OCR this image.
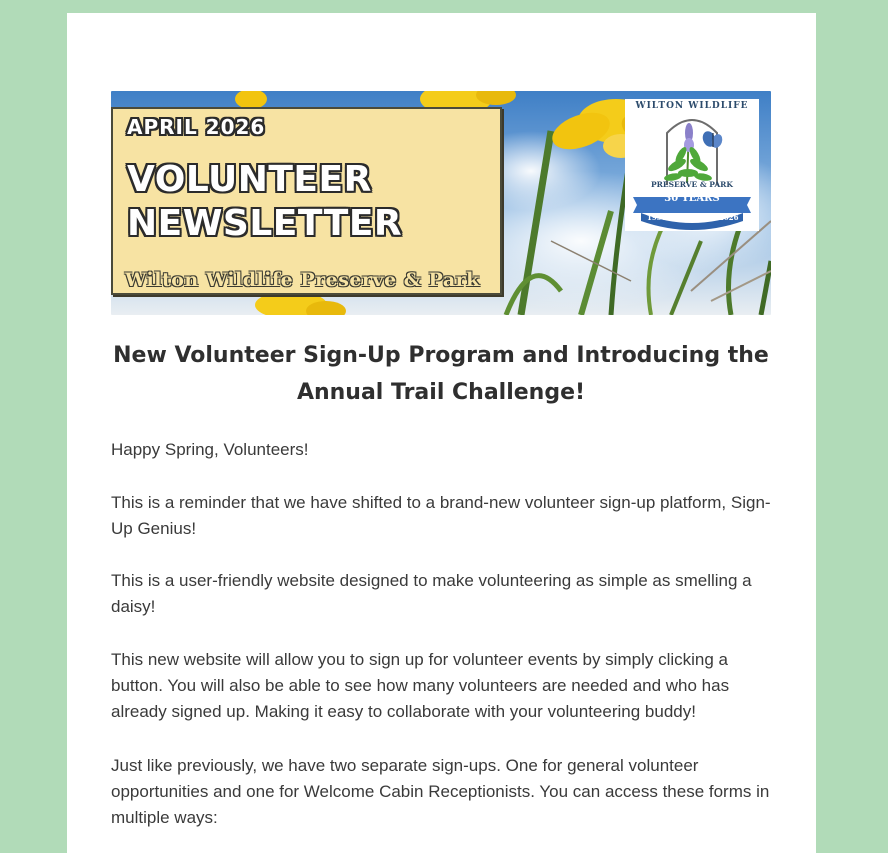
APRIL 2026
VOLUNTEER
NEWSLETTER
Wilton Wildlife Preserve & Park
WILTON WILDLIFE
PRESERVE & PARK
30 YEARS
1996	2026
New Volunteer Sign-Up Program and Introducing the Annual Trail Challenge!

Happy Spring, Volunteers!

This is a reminder that we have shifted to a brand-new volunteer sign-up platform, Sign-Up Genius!

This is a user-friendly website designed to make volunteering as simple as smelling a daisy!

This new website will allow you to sign up for volunteer events by simply clicking a button. You will also be able to see how many volunteers are needed and who has already signed up. Making it easy to collaborate with your volunteering buddy!

Just like previously, we have two separate sign-ups. One for general volunteer opportunities and one for Welcome Cabin Receptionists. You can access these forms in multiple ways:
